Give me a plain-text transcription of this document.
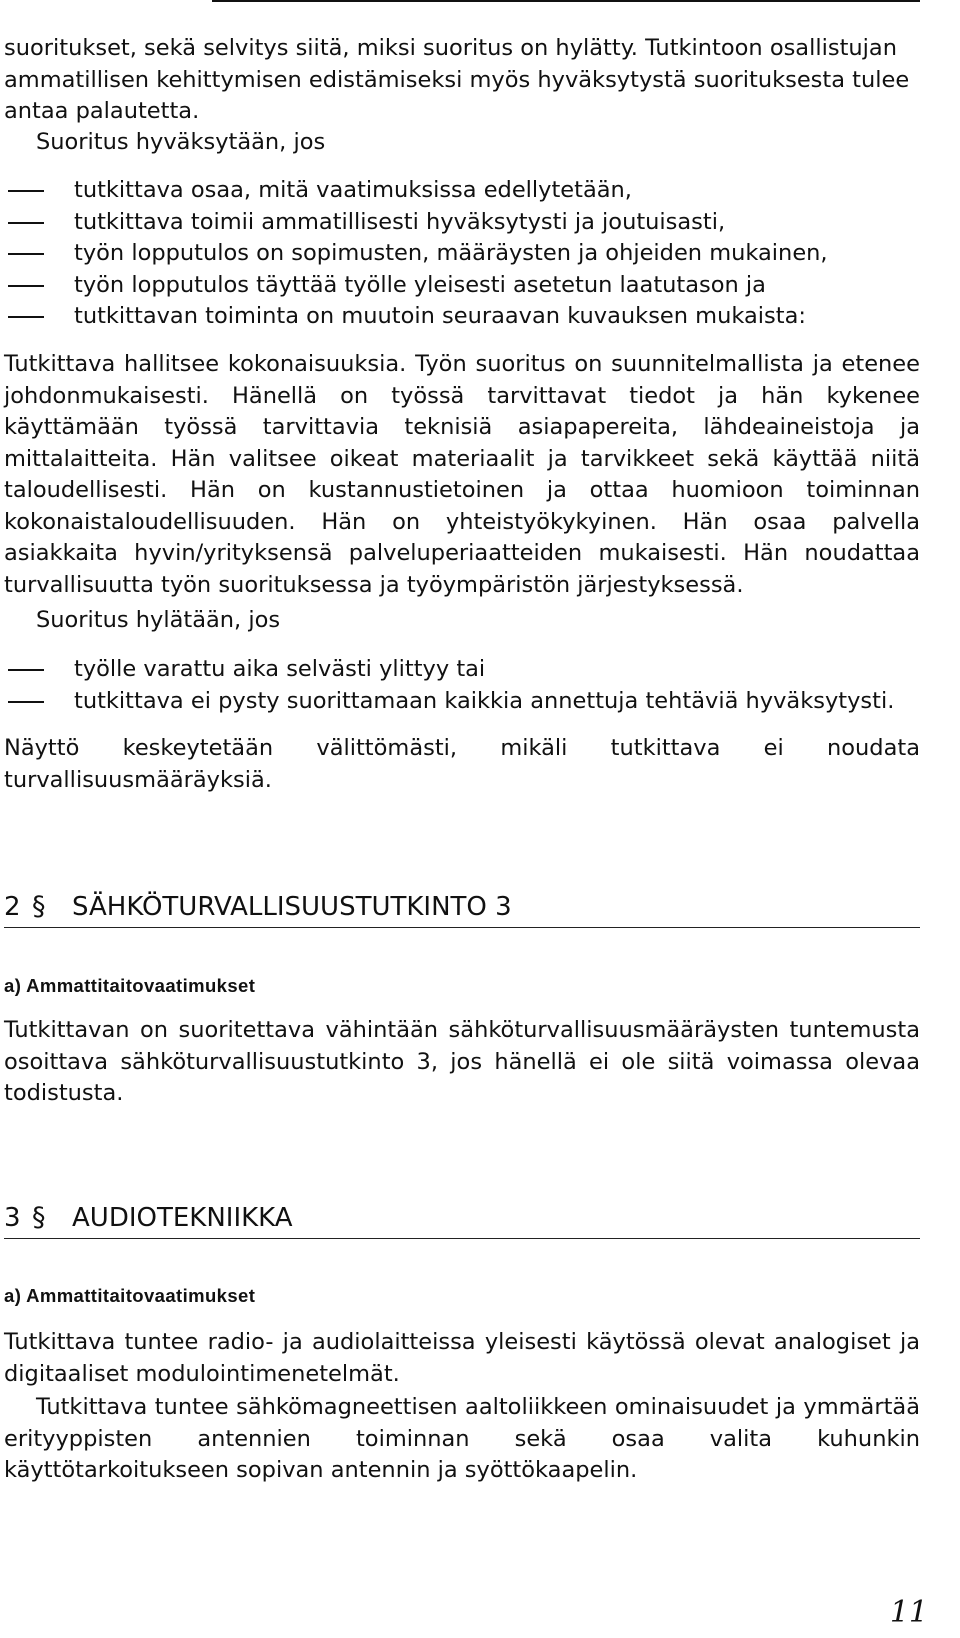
suoritukset, sekä selvitys siitä, miksi suoritus on hylätty. Tutkintoon osallistujan ammatillisen kehittymisen edistämiseksi myös hyväksytystä suorituksesta tulee antaa palautetta.

Suoritus hyväksytään, jos

tutkittava osaa, mitä vaatimuksissa edellytetään,
tutkittava toimii ammatillisesti hyväksytysti ja joutuisasti,
työn lopputulos on sopimusten, määräysten ja ohjeiden mukainen,
työn lopputulos täyttää työlle yleisesti asetetun laatutason ja
tutkittavan toiminta on muutoin seuraavan kuvauksen mukaista:

Tutkittava hallitsee kokonaisuuksia. Työn suoritus on suunnitelmallista ja etenee johdonmukaisesti. Hänellä on työssä tarvittavat tiedot ja hän kykenee käyttämään työssä tarvittavia teknisiä asiapapereita, lähdeaineistoja ja mittalaitteita. Hän valitsee oikeat materiaalit ja tarvikkeet sekä käyttää niitä taloudellisesti. Hän on kustannustietoinen ja ottaa huomioon toiminnan kokonaistaloudellisuuden. Hän on yhteistyökykyinen. Hän osaa palvella asiakkaita hyvin/yrityksensä palveluperiaatteiden mukaisesti. Hän noudattaa turvallisuutta työn suorituksessa ja työympäristön järjestyksessä.

Suoritus hylätään, jos

työlle varattu aika selvästi ylittyy tai
tutkittava ei pysty suorittamaan kaikkia annettuja tehtäviä hyväksytysti.

Näyttö keskeytetään välittömästi, mikäli tutkittava ei noudata turvallisuusmääräyksiä.

2 § SÄHKÖTURVALLISUUSTUTKINTO 3
a) Ammattitaitovaatimukset

Tutkittavan on suoritettava vähintään sähköturvallisuusmääräysten tuntemusta osoittava sähköturvallisuustutkinto 3, jos hänellä ei ole siitä voimassa olevaa todistusta.

3 § AUDIOTEKNIIKKA
a) Ammattitaitovaatimukset

Tutkittava tuntee radio- ja audiolaitteissa yleisesti käytössä olevat analogiset ja digitaaliset modulointimenetelmät.

Tutkittava tuntee sähkömagneettisen aaltoliikkeen ominaisuudet ja ymmärtää erityyppisten antennien toiminnan sekä osaa valita kuhunkin käyttötarkoitukseen sopivan antennin ja syöttökaapelin.

11
